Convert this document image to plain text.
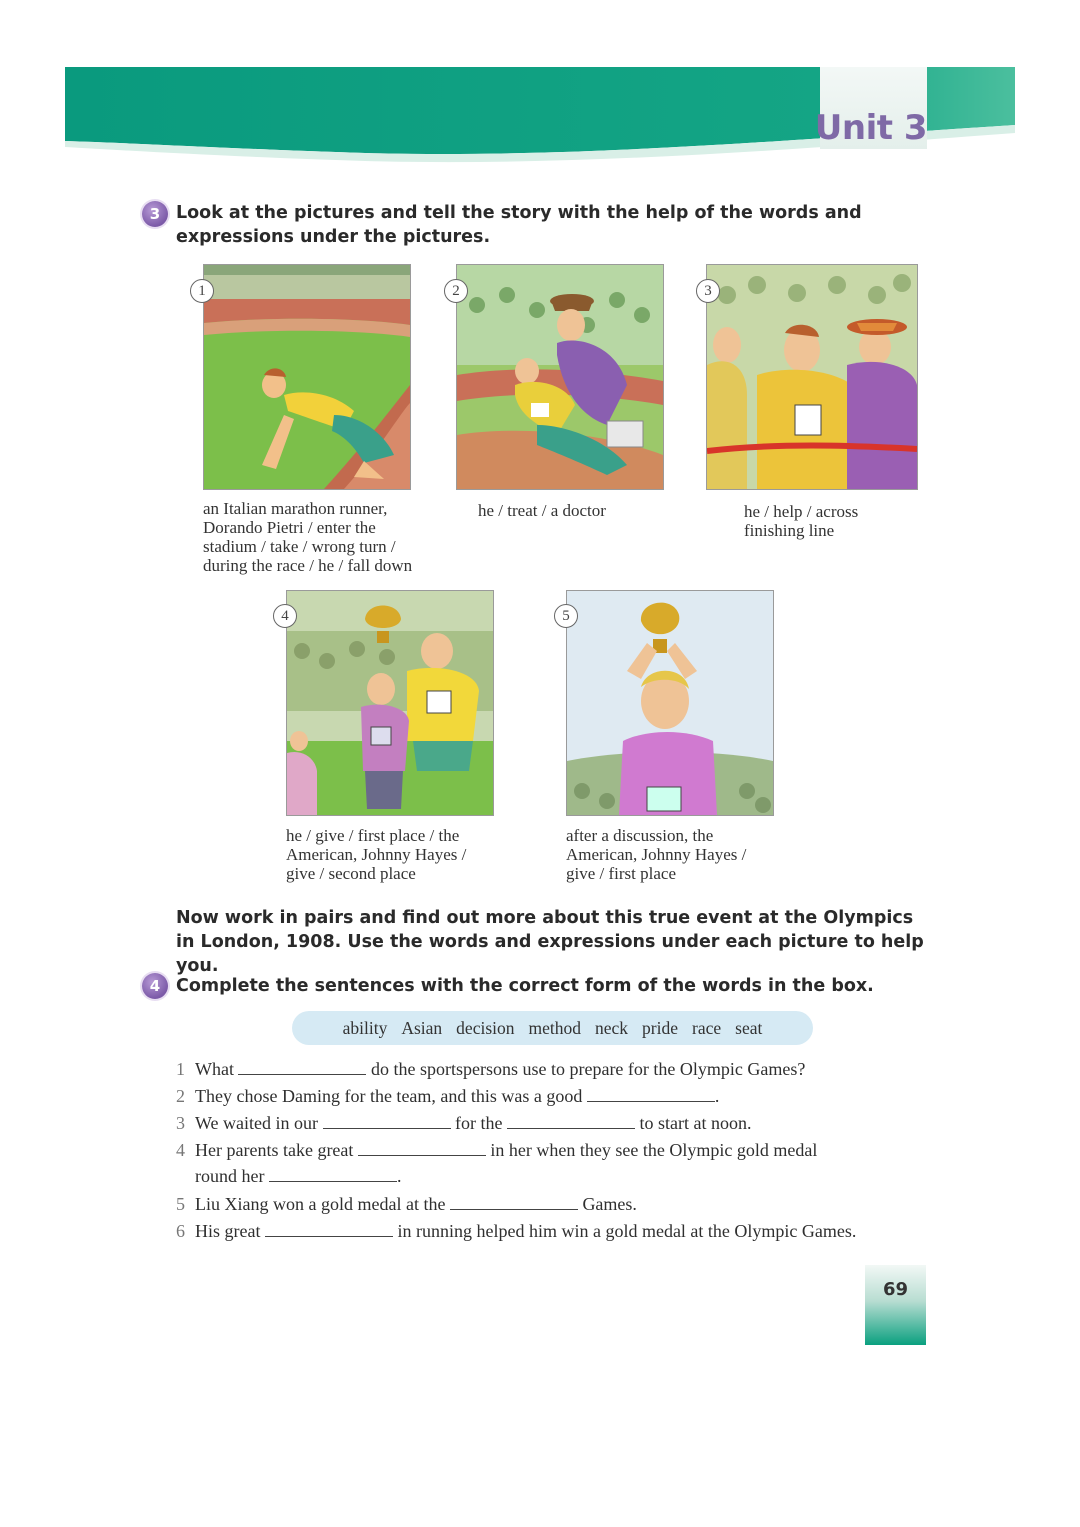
Unit 3
3 Look at the pictures and tell the story with the help of the words and expressions under the pictures.
1
an Italian marathon runner,
Dorando Pietri / enter the
stadium / take / wrong turn /
during the race / he / fall down
2
he / treat / a doctor
3
he / help / across
finishing line
4
he / give / first place / the
American, Johnny Hayes /
give / second place
5
after a discussion, the
American, Johnny Hayes /
give / first place
Now work in pairs and find out more about this true event at the Olympics in London, 1908. Use the words and expressions under each picture to help you.
4 Complete the sentences with the correct form of the words in the box.
ability Asian decision method neck pride race seat
1 What	do the sportspersons use to prepare for the Olympic Games?
2 They chose Daming for the team, and this was a good	.
3 We waited in our	for the	to start at noon.
4 Her parents take great	in her when they see the Olympic gold medal
round her	.
5 Liu Xiang won a gold medal at the	Games.
6 His great	in running helped him win a gold medal at the Olympic Games.
69
